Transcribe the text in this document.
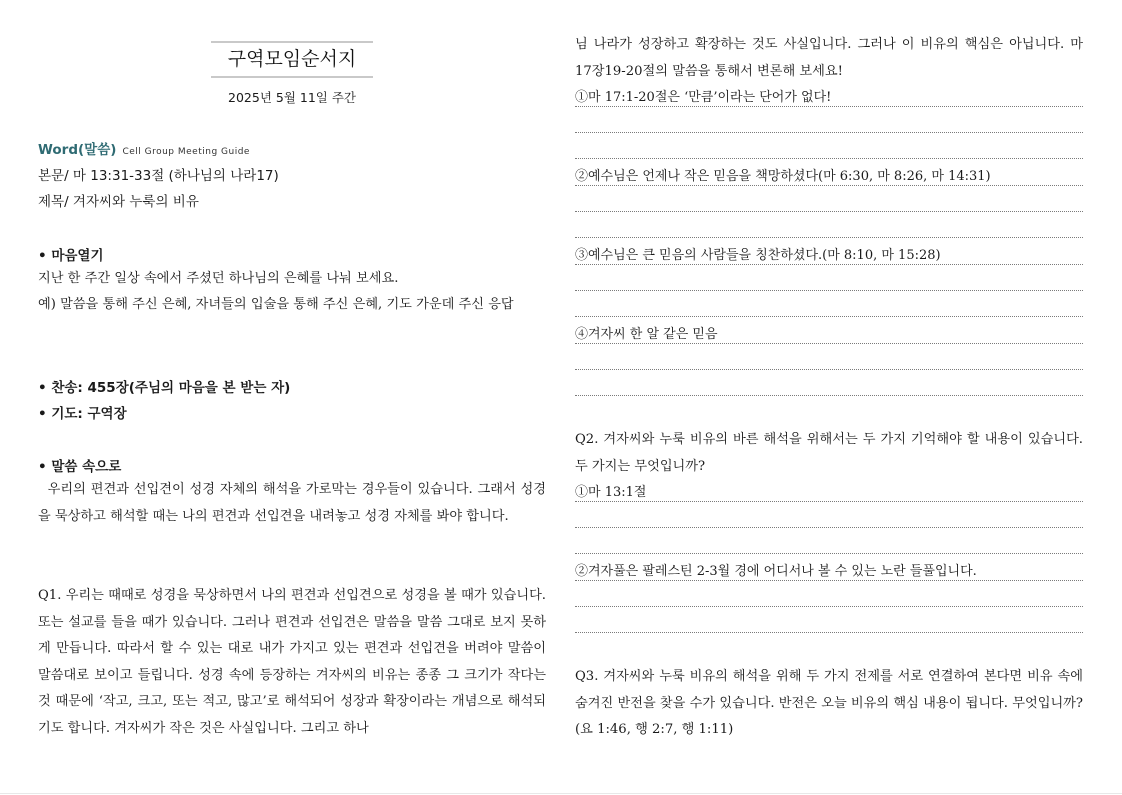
구역모임순서지
2025년 5월 11일 주간
Word(말씀) Cell Group Meeting Guide
본문/ 마 13:31-33절 (하나님의 나라17)
제목/ 겨자씨와 누룩의 비유
• 마음열기

지난 한 주간 일상 속에서 주셨던 하나님의 은혜를 나눠 보세요.

예) 말씀을 통해 주신 은혜, 자녀들의 입술을 통해 주신 은혜, 기도 가운데 주신 응답

• 찬송: 455장(주님의 마음을 본 받는 자)
• 기도: 구역장
• 말씀 속으로

우리의 편견과 선입견이 성경 자체의 해석을 가로막는 경우들이 있습니다. 그래서 성경을 묵상하고 해석할 때는 나의 편견과 선입견을 내려놓고 성경 자체를 봐야 합니다.

Q1. 우리는 때때로 성경을 묵상하면서 나의 편견과 선입견으로 성경을 볼 때가 있습니다. 또는 설교를 들을 때가 있습니다. 그러나 편견과 선입견은 말씀을 말씀 그대로 보지 못하게 만듭니다. 따라서 할 수 있는 대로 내가 가지고 있는 편견과 선입견을 버려야 말씀이 말씀대로 보이고 들립니다. 성경 속에 등장하는 겨자씨의 비유는 종종 그 크기가 작다는 것 때문에 ‘작고, 크고, 또는 적고, 많고’로 해석되어 성장과 확장이라는 개념으로 해석되기도 합니다. 겨자씨가 작은 것은 사실입니다. 그리고 하나

님 나라가 성장하고 확장하는 것도 사실입니다. 그러나 이 비유의 핵심은 아닙니다. 마 17장19-20절의 말씀을 통해서 변론해 보세요!

①마 17:1-20절은 ‘만큼’이라는 단어가 없다!
②예수님은 언제나 작은 믿음을 책망하셨다(마 6:30, 마 8:26, 마 14:31)
③예수님은 큰 믿음의 사람들을 칭찬하셨다.(마 8:10, 마 15:28)
④겨자씨 한 알 같은 믿음

Q2. 겨자씨와 누룩 비유의 바른 해석을 위해서는 두 가지 기억해야 할 내용이 있습니다. 두 가지는 무엇입니까?

①마 13:1절
②겨자풀은 팔레스틴 2-3월 경에 어디서나 볼 수 있는 노란 들풀입니다.

Q3. 겨자씨와 누룩 비유의 해석을 위해 두 가지 전제를 서로 연결하여 본다면 비유 속에 숨겨진 반전을 찾을 수가 있습니다. 반전은 오늘 비유의 핵심 내용이 됩니다. 무엇입니까?(요 1:46, 행 2:7, 행 1:11)
